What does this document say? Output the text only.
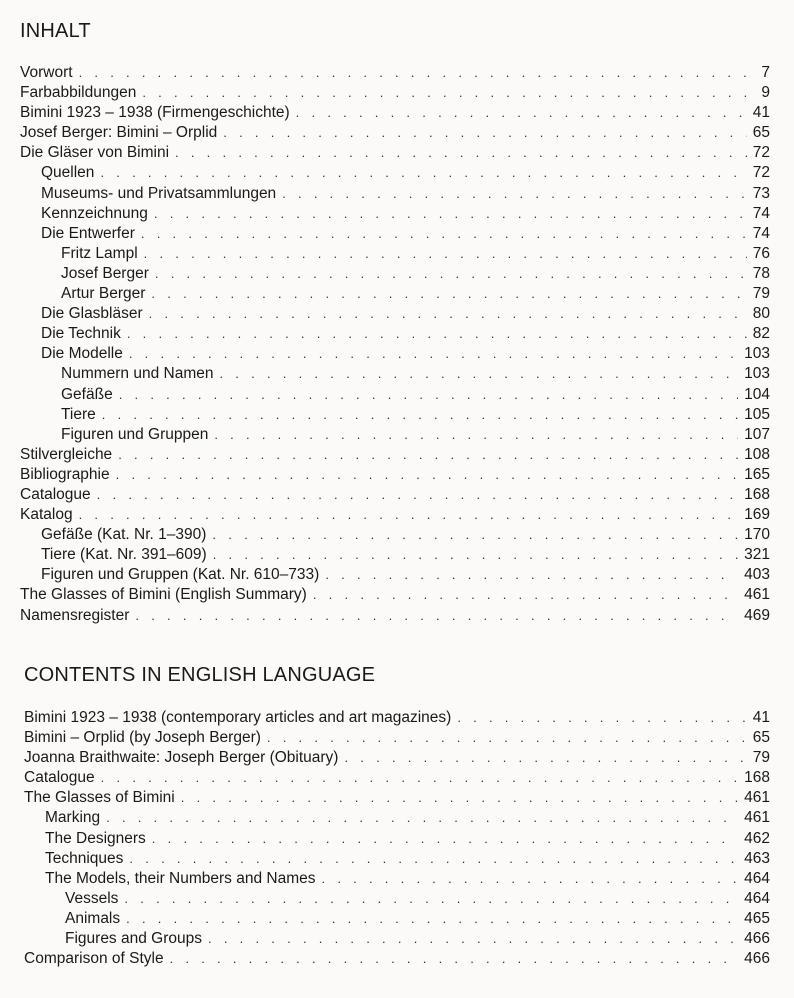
INHALT
Vorwort . . .	7
Farbabbildungen . . .	9
Bimini 1923 – 1938 (Firmengeschichte) . . .	41
Josef Berger: Bimini – Orplid . . .	65
Die Gläser von Bimini . . .	72
Quellen . . .	72
Museums- und Privatsammlungen . . .	73
Kennzeichnung . . .	74
Die Entwerfer . . .	74
Fritz Lampl . . .	76
Josef Berger . . .	78
Artur Berger . . .	79
Die Glasbläser . . .	80
Die Technik . . .	82
Die Modelle . . .	103
Nummern und Namen . . .	103
Gefäße . . .	104
Tiere . . .	105
Figuren und Gruppen . . .	107
Stilvergleiche . . .	108
Bibliographie . . .	165
Catalogue . . .	168
Katalog . . .	169
Gefäße (Kat. Nr. 1–390) . . .	170
Tiere (Kat. Nr. 391–609) . . .	321
Figuren und Gruppen (Kat. Nr. 610–733) . . .	403
The Glasses of Bimini (English Summary) . . .	461
Namensregister . . .	469
CONTENTS IN ENGLISH LANGUAGE
Bimini 1923 – 1938 (contemporary articles and art magazines) . . .	41
Bimini – Orplid (by Joseph Berger) . . .	65
Joanna Braithwaite: Joseph Berger (Obituary) . . .	79
Catalogue . . .	168
The Glasses of Bimini . . .	461
Marking . . .	461
The Designers . . .	462
Techniques . . .	463
The Models, their Numbers and Names . . .	464
Vessels . . .	464
Animals . . .	465
Figures and Groups . . .	466
Comparison of Style . . .	466
